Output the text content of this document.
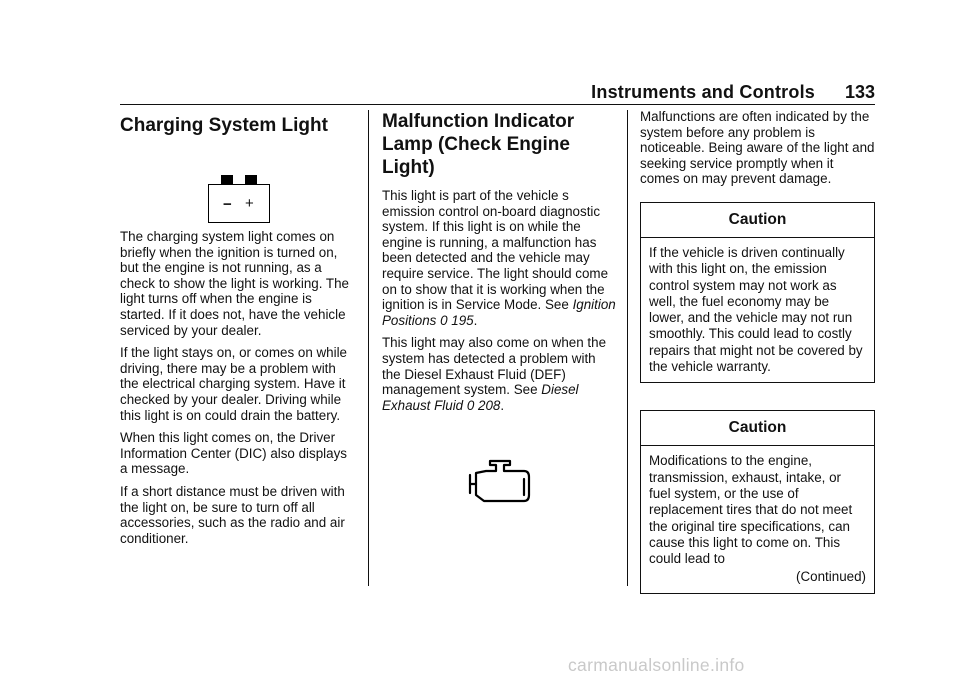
Instruments and Controls 133
Charging System Light
− +

The charging system light comes on briefly when the ignition is turned on, but the engine is not running, as a check to show the light is working. The light turns off when the engine is started. If it does not, have the vehicle serviced by your dealer.

If the light stays on, or comes on while driving, there may be a problem with the electrical charging system. Have it checked by your dealer. Driving while this light is on could drain the battery.

When this light comes on, the Driver Information Center (DIC) also displays a message.

If a short distance must be driven with the light on, be sure to turn off all accessories, such as the radio and air conditioner.

Malfunction Indicator Lamp (Check Engine Light)

This light is part of the vehicle s emission control on-board diagnostic system. If this light is on while the engine is running, a malfunction has been detected and the vehicle may require service. The light should come on to show that it is working when the ignition is in Service Mode. See Ignition Positions 0 195.

This light may also come on when the system has detected a problem with the Diesel Exhaust Fluid (DEF) management system. See Diesel Exhaust Fluid 0 208.

Malfunctions are often indicated by the system before any problem is noticeable. Being aware of the light and seeking service promptly when it comes on may prevent damage.

Caution
If the vehicle is driven continually with this light on, the emission control system may not work as well, the fuel economy may be lower, and the vehicle may not run smoothly. This could lead to costly repairs that might not be covered by the vehicle warranty.
Caution
Modifications to the engine, transmission, exhaust, intake, or fuel system, or the use of replacement tires that do not meet the original tire specifications, can cause this light to come on. This could lead to
(Continued)
carmanualsonline.info
